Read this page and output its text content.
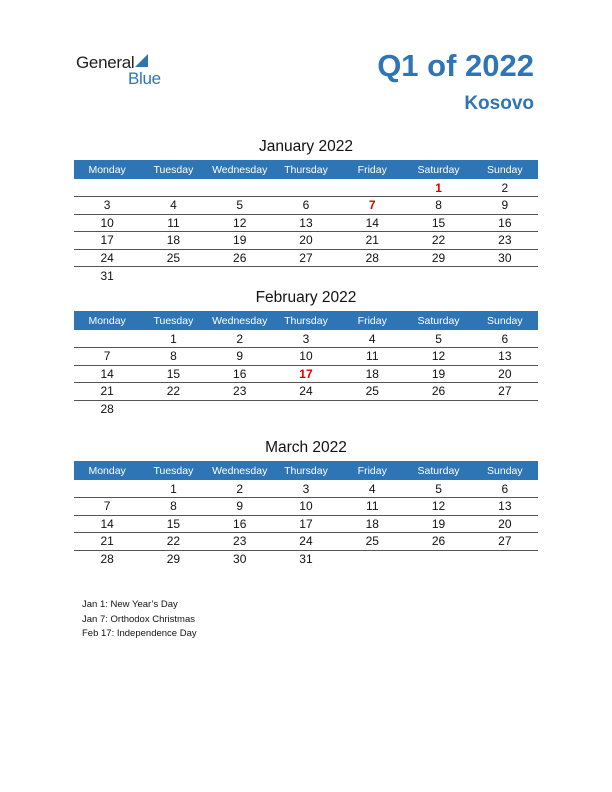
General
Blue	Q1 of 2022
Kosovo
January 2022
Monday	Tuesday	Wednesday	Thursday	Friday	Saturday	Sunday
					1	2
3	4	5	6	7	8	9
10	11	12	13	14	15	16
17	18	19	20	21	22	23
24	25	26	27	28	29	30
31						
February 2022
Monday	Tuesday	Wednesday	Thursday	Friday	Saturday	Sunday
	1	2	3	4	5	6
7	8	9	10	11	12	13
14	15	16	17	18	19	20
21	22	23	24	25	26	27
28						
March 2022
Monday	Tuesday	Wednesday	Thursday	Friday	Saturday	Sunday
	1	2	3	4	5	6
7	8	9	10	11	12	13
14	15	16	17	18	19	20
21	22	23	24	25	26	27
28	29	30	31			
Jan 1: New Year’s Day
Jan 7: Orthodox Christmas
Feb 17: Independence Day
